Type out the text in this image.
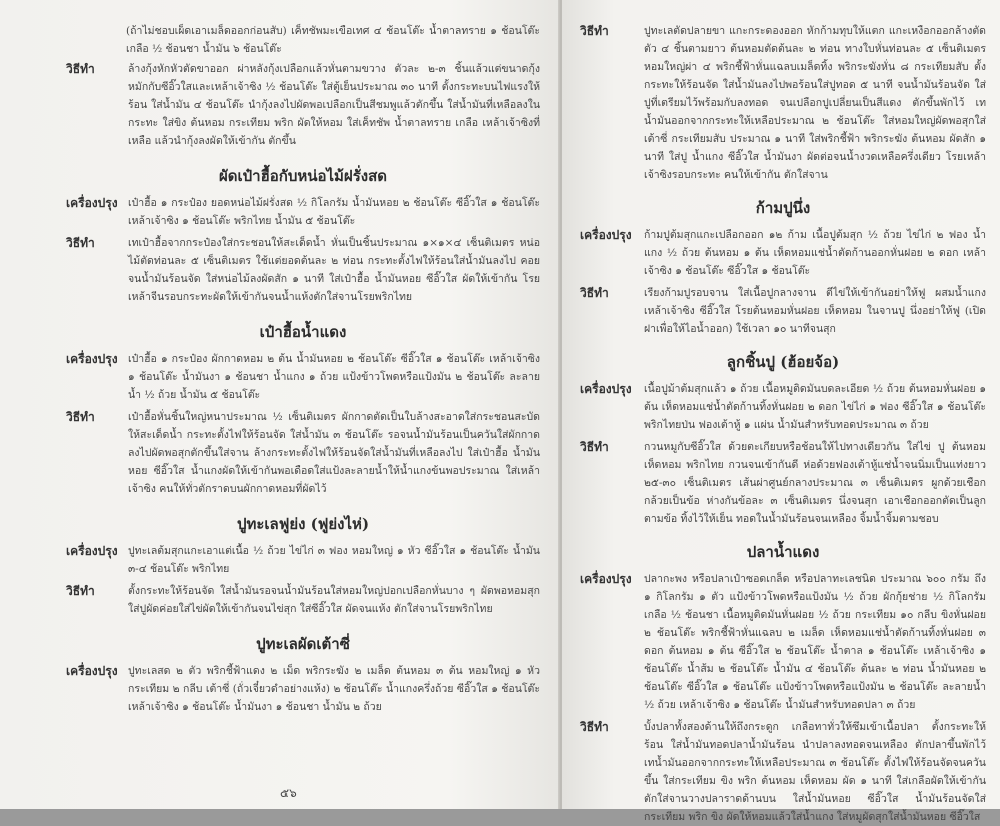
(ถ้าไม่ชอบเผ็ดเอาเมล็ดออกก่อนสับ) เค็ทชัพมะเขือเทศ ๔ ช้อนโต๊ะ น้ำตาลทราย ๑ ช้อนโต๊ะ เกลือ ½ ช้อนชา น้ำมัน ๖ ช้อนโต๊ะ
วิธีทำ	ล้างกุ้งหักหัวตัดขาออก ผ่าหลังกุ้งเปลือกแล้วหั่นตามขวาง ตัวละ ๒-๓ ชิ้นแล้วแต่ขนาดกุ้ง หมักกับซีอิ๊วใสและเหล้าเจ้าซิง ½ ช้อนโต๊ะ ใส่ตู้เย็นประมาณ ๓๐ นาที ตั้งกระทะบนไฟแรงให้ร้อน ใส่น้ำมัน ๔ ช้อนโต๊ะ นำกุ้งลงไปผัดพอเปลือกเป็นสีชมพูแล้วตักขึ้น ใส่น้ำมันที่เหลือลงในกระทะ ใส่ขิง ต้นหอม กระเทียม พริก ผัดให้หอม ใส่เค็ทชัพ น้ำตาลทราย เกลือ เหล้าเจ้าซิงที่เหลือ แล้วนำกุ้งลงผัดให้เข้ากัน ตักขึ้น
ผัดเป๋าฮื้อกับหน่อไม้ฝรั่งสด
เครื่องปรุง เป๋าฮื้อ ๑ กระป๋อง ยอดหน่อไม้ฝรั่งสด ½ กิโลกรัม น้ำมันหอย ๒ ช้อนโต๊ะ ซีอิ๊วใส ๑ ช้อนโต๊ะ เหล้าเจ้าซิง ๑ ช้อนโต๊ะ พริกไทย น้ำมัน ๕ ช้อนโต๊ะ
วิธีทำ	เทเป๋าฮื้อจากกระป๋องใส่กระชอนให้สะเด็ดน้ำ หั่นเป็นชิ้นประมาณ ๑×๑×๔ เซ็นติเมตร หน่อไม้ตัดท่อนละ ๕ เซ็นติเมตร ใช้แต่ยอดต้นละ ๒ ท่อน กระทะตั้งไฟให้ร้อนใส่น้ำมันลงไป คอยจนน้ำมันร้อนจัด ใส่หน่อไม้ลงผัดสัก ๑ นาที ใส่เป๋าฮื้อ น้ำมันหอย ซีอิ๊วใส ผัดให้เข้ากัน โรยเหล้าจีนรอบกระทะผัดให้เข้ากันจนน้ำแห้งตักใส่จานโรยพริกไทย
เป๋าฮื้อน้ำแดง
เครื่องปรุง เป๋าฮื้อ ๑ กระป๋อง ผักกาดหอม ๒ ต้น น้ำมันหอย ๒ ช้อนโต๊ะ ซีอิ๊วใส ๑ ช้อนโต๊ะ เหล้าเจ้าซิง ๑ ช้อนโต๊ะ น้ำมันงา ๑ ช้อนชา น้ำแกง ๑ ถ้วย แป้งข้าวโพดหรือแป้งมัน ๒ ช้อนโต๊ะ ละลายน้ำ ½ ถ้วย น้ำมัน ๕ ช้อนโต๊ะ
วิธีทำ	เป๋าฮื้อหั่นชิ้นใหญ่หนาประมาณ ½ เซ็นติเมตร ผักกาดตัดเป็นใบล้างสะอาดใส่กระชอนสะบัดให้สะเด็ดน้ำ กระทะตั้งไฟให้ร้อนจัด ใส่น้ำมัน ๓ ช้อนโต๊ะ รอจนน้ำมันร้อนเป็นควันใส่ผักกาดลงไปผัดพอสุกตักขึ้นใส่จาน ล้างกระทะตั้งไฟให้ร้อนจัดใส่น้ำมันที่เหลือลงไป ใส่เป๋าฮื้อ น้ำมันหอย ซีอิ๊วใส น้ำแกงผัดให้เข้ากันพอเดือดใส่แป้งละลายน้ำให้น้ำแกงข้นพอประมาณ ใส่เหล้าเจ้าซิง คนให้ทั่วตักราดบนผักกาดหอมที่ผัดไว้
ปูทะเลฟูย่ง (ฟูย่งไห่)
เครื่องปรุง ปูทะเลต้มสุกแกะเอาแต่เนื้อ ½ ถ้วย ไข่ไก่ ๓ ฟอง หอมใหญ่ ๑ หัว ซีอิ๊วใส ๑ ช้อนโต๊ะ น้ำมัน ๓-๔ ช้อนโต๊ะ พริกไทย
วิธีทำ	ตั้งกระทะให้ร้อนจัด ใส่น้ำมันรอจนน้ำมันร้อนใส่หอมใหญ่ปอกเปลือกหั่นบาง ๆ ผัดพอหอมสุกใส่ปูผัดค่อยใส่ไข่ผัดให้เข้ากันจนไข่สุก ใส่ซีอิ๊วใส ผัดจนแห้ง ตักใส่จานโรยพริกไทย
ปูทะเลผัดเต้าซี่
เครื่องปรุง ปูทะเลสด ๒ ตัว พริกชี้ฟ้าแดง ๒ เม็ด พริกระฆัง ๒ เมล็ด ต้นหอม ๓ ต้น หอมใหญ่ ๑ หัว กระเทียม ๒ กลีบ เต้าซี่ (ถั่วเจี๋ยวดำอย่างแห้ง) ๒ ช้อนโต๊ะ น้ำแกงครึ่งถ้วย ซีอิ๊วใส ๑ ช้อนโต๊ะ เหล้าเจ้าซิง ๑ ช้อนโต๊ะ น้ำมันงา ๑ ช้อนชา น้ำมัน ๒ ถ้วย
๕๖
วิธีทำ	ปูทะเลตัดปลายขา แกะกระดองออก หักก้ามทุบให้แตก แกะเหงือกออกล้างตัดตัว ๔ ชิ้นตามยาว ต้นหอมตัดต้นละ ๒ ท่อน ทางใบหั่นท่อนละ ๕ เซ็นติเมตร หอมใหญ่ผ่า ๔ พริกชี้ฟ้าหั่นแฉลบเมล็ดทิ้ง พริกระฆังหั่น ๘ กระเทียมสับ ตั้งกระทะให้ร้อนจัด ใส่น้ำมันลงไปพอร้อนใส่ปูทอด ๕ นาที จนน้ำมันร้อนจัด ใส่ปูที่เตรียมไว้พร้อมกับลงทอด จนเปลือกปูเปลี่ยนเป็นสีแดง ตักขึ้นพักไว้ เทน้ำมันออกจากกระทะให้เหลือประมาณ ๒ ช้อนโต๊ะ ใส่หอมใหญ่ผัดพอสุกใส่เต้าซี่ กระเทียมสับ ประมาณ ๑ นาที ใส่พริกชี้ฟ้า พริกระฆัง ต้นหอม ผัดสัก ๑ นาที ใส่ปู น้ำแกง ซีอิ๊วใส น้ำมันงา ผัดต่อจนน้ำงวดเหลือครึ่งเดียว โรยเหล้าเจ้าซิงรอบกระทะ คนให้เข้ากัน ตักใส่จาน
ก้ามปูนึ่ง
เครื่องปรุง	ก้ามปูต้มสุกแกะเปลือกออก ๑๒ ก้าม เนื้อปูต้มสุก ½ ถ้วย ไข่ไก่ ๒ ฟอง น้ำแกง ½ ถ้วย ต้นหอม ๑ ต้น เห็ดหอมแช่น้ำตัดก้านออกหั่นฝอย ๒ ดอก เหล้าเจ้าซิง ๑ ช้อนโต๊ะ ซีอิ๊วใส ๑ ช้อนโต๊ะ
วิธีทำ	เรียงก้ามปูรอบจาน ใส่เนื้อปูกลางจาน ตีไข่ให้เข้ากันอย่าให้ฟู ผสมน้ำแกง เหล้าเจ้าซิง ซีอิ๊วใส โรยต้นหอมหั่นฝอย เห็ดหอม ในจานปู นึ่งอย่าให้ฟู (เปิดฝาเพื่อให้ไอน้ำออก) ใช้เวลา ๑๐ นาทีจนสุก
ลูกชิ้นปู (ฮ้อยจ้อ)
เครื่องปรุง	เนื้อปูม้าต้มสุกแล้ว ๑ ถ้วย เนื้อหมูติดมันบดละเอียด ½ ถ้วย ต้นหอมหั่นฝอย ๑ ต้น เห็ดหอมแช่น้ำตัดก้านทิ้งหั่นฝอย ๒ ดอก ไข่ไก่ ๑ ฟอง ซีอิ๊วใส ๑ ช้อนโต๊ะ พริกไทยป่น ฟองเต้าหู้ ๑ แผ่น น้ำมันสำหรับทอดประมาณ ๓ ถ้วย
วิธีทำ	กวนหมูกับซีอิ๊วใส ด้วยตะเกียบหรือช้อนให้ไปทางเดียวกัน ใส่ไข่ ปู ต้นหอม เห็ดหอม พริกไทย กวนจนเข้ากันดี ห่อด้วยฟองเต้าหู้แช่น้ำจนนิ่มเป็นแท่งยาว ๒๕-๓๐ เซ็นติเมตร เส้นผ่าศูนย์กลางประมาณ ๓ เซ็นติเมตร ผูกด้วยเชือกกล้วยเป็นข้อ ห่างกันข้อละ ๓ เซ็นติเมตร นึ่งจนสุก เอาเชือกออกตัดเป็นลูกตามข้อ ทิ้งไว้ให้เย็น ทอดในน้ำมันร้อนจนเหลือง จิ้มน้ำจิ้มตามชอบ
ปลาน้ำแดง
เครื่องปรุง	ปลากะพง หรือปลาเป๋าซอดเกล็ด หรือปลาทะเลชนิด ประมาณ ๖๐๐ กรัม ถึง ๑ กิโลกรัม ๑ ตัว แป้งข้าวโพดหรือแป้งมัน ½ ถ้วย ผักกุ้ยช่าย ½ กิโลกรัม เกลือ ½ ช้อนชา เนื้อหมูติดมันหั่นฝอย ½ ถ้วย กระเทียม ๑๐ กลีบ ขิงหั่นฝอย ๒ ช้อนโต๊ะ พริกชี้ฟ้าหั่นแฉลบ ๒ เมล็ด เห็ดหอมแช่น้ำตัดก้านทิ้งหั่นฝอย ๓ ดอก ต้นหอม ๑ ต้น ซีอิ๊วใส ๒ ช้อนโต๊ะ น้ำตาล ๑ ช้อนโต๊ะ เหล้าเจ้าซิง ๑ ช้อนโต๊ะ น้ำส้ม ๒ ช้อนโต๊ะ น้ำมัน ๔ ช้อนโต๊ะ ต้นละ ๒ ท่อน น้ำมันหอย ๒ ช้อนโต๊ะ ซีอิ๊วใส ๑ ช้อนโต๊ะ แป้งข้าวโพดหรือแป้งมัน ๒ ช้อนโต๊ะ ละลายน้ำ ½ ถ้วย เหล้าเจ้าซิง ๑ ช้อนโต๊ะ น้ำมันสำหรับทอดปลา ๓ ถ้วย
วิธีทำ	บั้งปลาทั้งสองด้านให้ถึงกระดูก เกลือทาทั่วให้ซึมเข้าเนื้อปลา ตั้งกระทะให้ร้อน ใส่น้ำมันทอดปลาน้ำมันร้อน นำปลาลงทอดจนเหลือง ตักปลาขึ้นพักไว้ เทน้ำมันออกจากกระทะให้เหลือประมาณ ๓ ช้อนโต๊ะ ตั้งไฟให้ร้อนจัดจนควันขึ้น ใส่กระเทียม ขิง พริก ต้นหอม เห็ดหอม ผัด ๑ นาที ใส่เกลือผัดให้เข้ากัน ตักใส่จานวางปลาราดด้านบน ใส่น้ำมันหอย ซีอิ๊วใส น้ำมันร้อนจัดใส่กระเทียม พริก ขิง ผัดให้หอมแล้วใส่น้ำแกง ใส่หมูผัดสุกใส่น้ำมันหอย ซีอิ๊วใส
